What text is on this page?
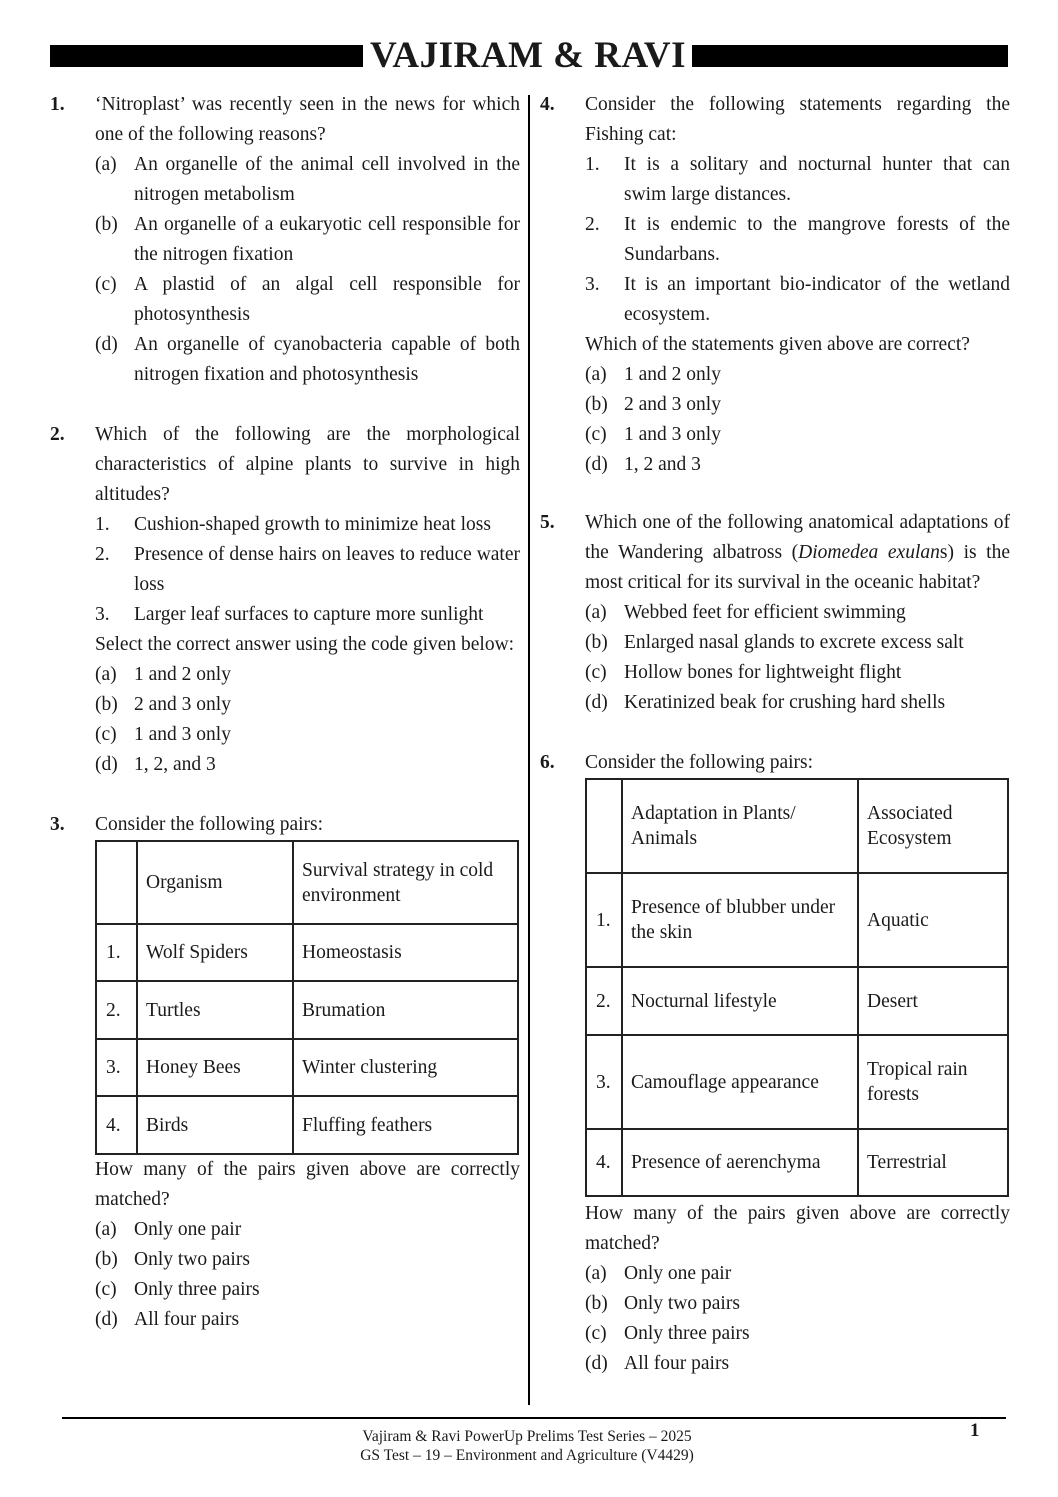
VAJIRAM & RAVI
1. ‘Nitroplast’ was recently seen in the news for which one of the following reasons?
(a) An organelle of the animal cell involved in the nitrogen metabolism
(b) An organelle of a eukaryotic cell responsible for the nitrogen fixation
(c) A plastid of an algal cell responsible for photosynthesis
(d) An organelle of cyanobacteria capable of both nitrogen fixation and photosynthesis
2. Which of the following are the morphological characteristics of alpine plants to survive in high altitudes?
1. Cushion-shaped growth to minimize heat loss
2. Presence of dense hairs on leaves to reduce water loss
3. Larger leaf surfaces to capture more sunlight
Select the correct answer using the code given below:
(a) 1 and 2 only
(b) 2 and 3 only
(c) 1 and 3 only
(d) 1, 2, and 3
3. Consider the following pairs:
	Organism	Survival strategy in cold environment
1.	Wolf Spiders	Homeostasis
2.	Turtles	Brumation
3.	Honey Bees	Winter clustering
4.	Birds	Fluffing feathers
How many of the pairs given above are correctly matched?
(a) Only one pair
(b) Only two pairs
(c) Only three pairs
(d) All four pairs
4. Consider the following statements regarding the Fishing cat:
1. It is a solitary and nocturnal hunter that can swim large distances.
2. It is endemic to the mangrove forests of the Sundarbans.
3. It is an important bio-indicator of the wetland ecosystem.
Which of the statements given above are correct?
(a) 1 and 2 only
(b) 2 and 3 only
(c) 1 and 3 only
(d) 1, 2 and 3
5. Which one of the following anatomical adaptations of the Wandering albatross (Diomedea exulans) is the most critical for its survival in the oceanic habitat?
(a) Webbed feet for efficient swimming
(b) Enlarged nasal glands to excrete excess salt
(c) Hollow bones for lightweight flight
(d) Keratinized beak for crushing hard shells
6. Consider the following pairs:
	Adaptation in Plants/ Animals	Associated Ecosystem
1.	Presence of blubber under the skin	Aquatic
2.	Nocturnal lifestyle	Desert
3.	Camouflage appearance	Tropical rain forests
4.	Presence of aerenchyma	Terrestrial
How many of the pairs given above are correctly matched?
(a) Only one pair
(b) Only two pairs
(c) Only three pairs
(d) All four pairs
Vajiram & Ravi PowerUp Prelims Test Series – 2025
GS Test – 19 – Environment and Agriculture (V4429)
1
